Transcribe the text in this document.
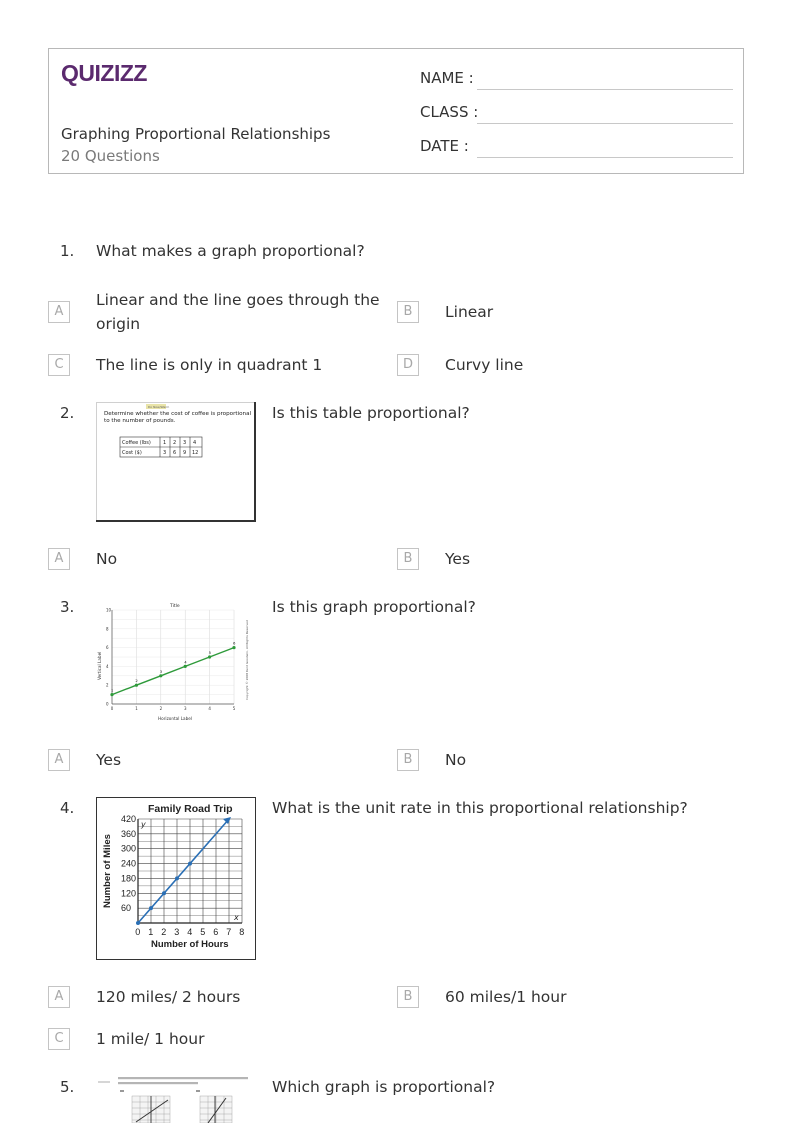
QUIZIZZ
Graphing Proportional Relationships
20 Questions
NAME :
CLASS :
DATE :
1. What makes a graph proportional?
A
Linear and the line goes through the origin
B	Linear
C	The line is only in quadrant 1	D	Curvy line
2.	Do Now/Warm
Determine whether the cost of coffee is proportional to the number of pounds.
Coffee (lbs) 1 2 3 4
Cost ($)	3 6 9 12
Is this table proportional?
A	No	B	Yes
3.	Title
Horizontal Label
Vertical Label	Copyright © 2008 Kent Goodwin, All Rights Reserved
0	1	2	3	4	5
0
2
4
6
8
10
1
2
3
4
5
6
Is this graph proportional?
A	Yes	B	No
4.	Family Road Trip
Number of Hours
Number of Miles
0 1 2 3 4 5 6 7 8
60
120
180
240
300
360
420
x
y
What is the unit rate in this proportional relationship?
A	120 miles/ 2 hours	B	60 miles/1 hour
C	1 mile/ 1 hour
5.	Which graph is proportional?
